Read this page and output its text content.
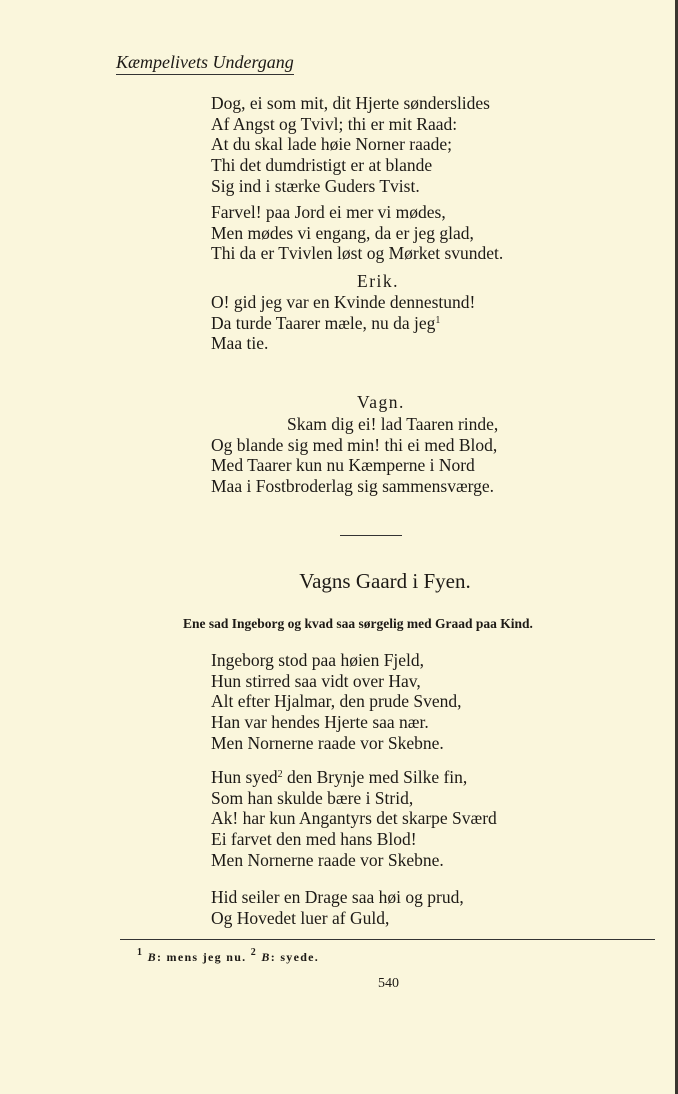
Kæmpelivets Undergang
Dog, ei som mit, dit Hjerte sønderslides
Af Angst og Tvivl; thi er mit Raad:
At du skal lade høie Norner raade;
Thi det dumdristigt er at blande
Sig ind i stærke Guders Tvist.
Farvel! paa Jord ei mer vi mødes,
Men mødes vi engang, da er jeg glad,
Thi da er Tvivlen løst og Mørket svundet.
Erik.
O! gid jeg var en Kvinde dennestund!
Da turde Taarer mæle, nu da jeg$^1$
Maa tie.
Vagn.
Skam dig ei! lad Taaren rinde,
Og blande sig med min! thi ei med Blod,
Med Taarer kun nu Kæmperne i Nord
Maa i Fostbroderlag sig sammensværge.
Vagns Gaard i Fyen.
Ene sad Ingeborg og kvad saa sørgelig med Graad paa Kind.
Ingeborg stod paa høien Fjeld,
Hun stirred saa vidt over Hav,
Alt efter Hjalmar, den prude Svend,
Han var hendes Hjerte saa nær.
Men Nornerne raade vor Skebne.
Hun syed$^2$ den Brynje med Silke fin,
Som han skulde bære i Strid,
Ak! har kun Angantyrs det skarpe Sværd
Ei farvet den med hans Blod!
Men Nornerne raade vor Skebne.
Hid seiler en Drage saa høi og prud,
Og Hovedet luer af Guld,
$^1$ B: mens jeg nu. $^2$ B: syede.
540
